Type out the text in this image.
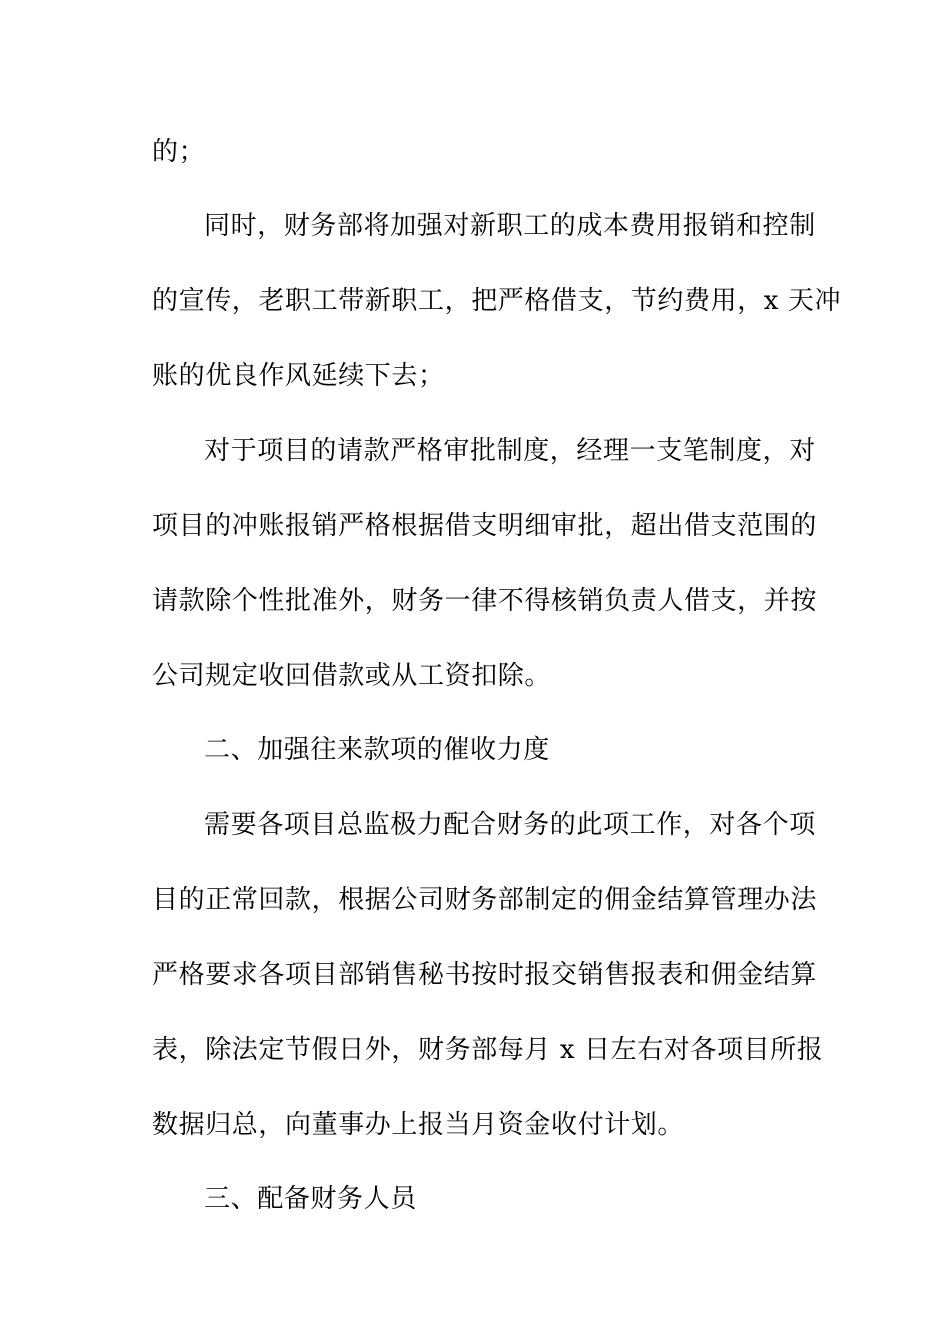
的；
同时，财务部将加强对新职工的成本费用报销和控制
的宣传，老职工带新职工，把严格借支，节约费用，x 天冲
账的优良作风延续下去；
对于项目的请款严格审批制度，经理一支笔制度，对
项目的冲账报销严格根据借支明细审批，超出借支范围的
请款除个性批准外，财务一律不得核销负责人借支，并按
公司规定收回借款或从工资扣除。
二、加强往来款项的催收力度
需要各项目总监极力配合财务的此项工作，对各个项
目的正常回款，根据公司财务部制定的佣金结算管理办法
严格要求各项目部销售秘书按时报交销售报表和佣金结算
表，除法定节假日外，财务部每月 x 日左右对各项目所报
数据归总，向董事办上报当月资金收付计划。
三、配备财务人员
